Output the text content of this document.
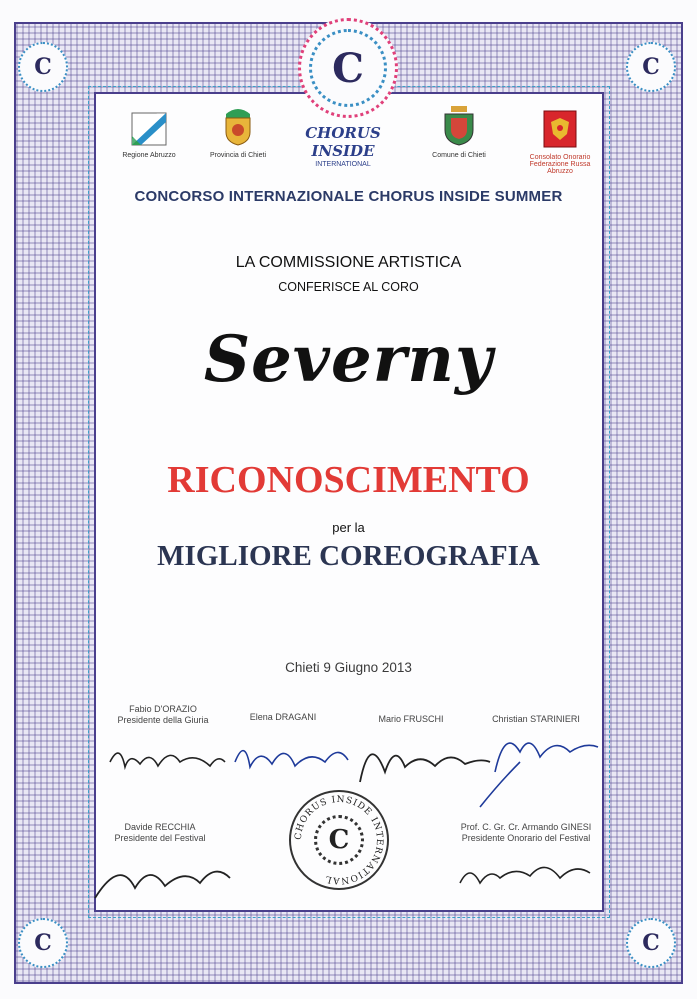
C	C
C	C
C
Regione Abruzzo	Provincia di Chieti
CHORUS INSIDE
INTERNATIONAL
Comune di Chieti	Consolato Onorario
Federazione Russa
Abruzzo
CONCORSO INTERNAZIONALE CHORUS INSIDE SUMMER
LA COMMISSIONE ARTISTICA
CONFERISCE AL CORO
Severny
RICONOSCIMENTO
per la
MIGLIORE COREOGRAFIA
Chieti 9 Giugno 2013
Fabio D'ORAZIO
Presidente della Giuria	Elena DRAGANI	Mario FRUSCHI	Christian STARINIERI
Davide RECCHIA
Presidente del Festival
Prof. C. Gr. Cr. Armando GINESI
Presidente Onorario del Festival
CHORUS INSIDE INTERNATIONAL
C
